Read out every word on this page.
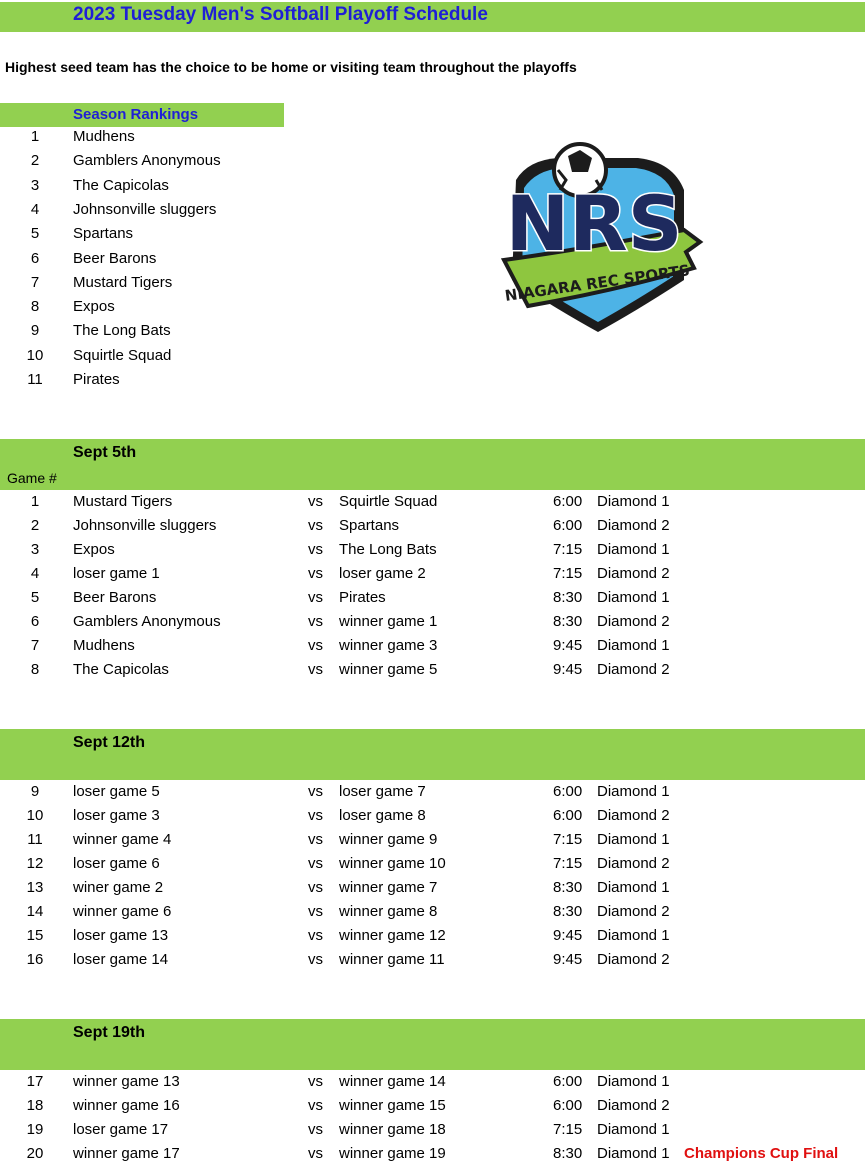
2023 Tuesday Men's Softball Playoff Schedule
Highest seed team has the choice to be home or visiting team throughout the playoffs
Season Rankings
1	Mudhens
2	Gamblers Anonymous
3	The Capicolas
4	Johnsonville sluggers
5	Spartans
6	Beer Barons
7	Mustard Tigers
8	Expos
9	The Long Bats
10	Squirtle Squad
11	Pirates
NIAGARA REC SPORTS
NRS
Sept 5th
Game #
1	Mustard Tigers	vs Squirtle Squad	6:00 Diamond 1
2	Johnsonville sluggers	vs Spartans	6:00 Diamond 2
3	Expos	vs The Long Bats	7:15 Diamond 1
4	loser game 1	vs loser game 2	7:15 Diamond 2
5	Beer Barons	vs Pirates	8:30 Diamond 1
6	Gamblers Anonymous	vs winner game 1	8:30 Diamond 2
7	Mudhens	vs winner game 3	9:45 Diamond 1
8	The Capicolas	vs winner game 5	9:45 Diamond 2
Sept 12th
9	loser game 5	vs loser game 7	6:00 Diamond 1
10	loser game 3	vs loser game 8	6:00 Diamond 2
11	winner game 4	vs winner game 9	7:15 Diamond 1
12	loser game 6	vs winner game 10	7:15 Diamond 2
13	winer game 2	vs winner game 7	8:30 Diamond 1
14	winner game 6	vs winner game 8	8:30 Diamond 2
15	loser game 13	vs winner game 12	9:45 Diamond 1
16	loser game 14	vs winner game 11	9:45 Diamond 2
Sept 19th
17	winner game 13	vs winner game 14	6:00 Diamond 1
18	winner game 16	vs winner game 15	6:00 Diamond 2
19	loser game 17	vs winner game 18	7:15 Diamond 1
20	winner game 17	vs winner game 19	8:30 Diamond 1 Champions Cup Final
